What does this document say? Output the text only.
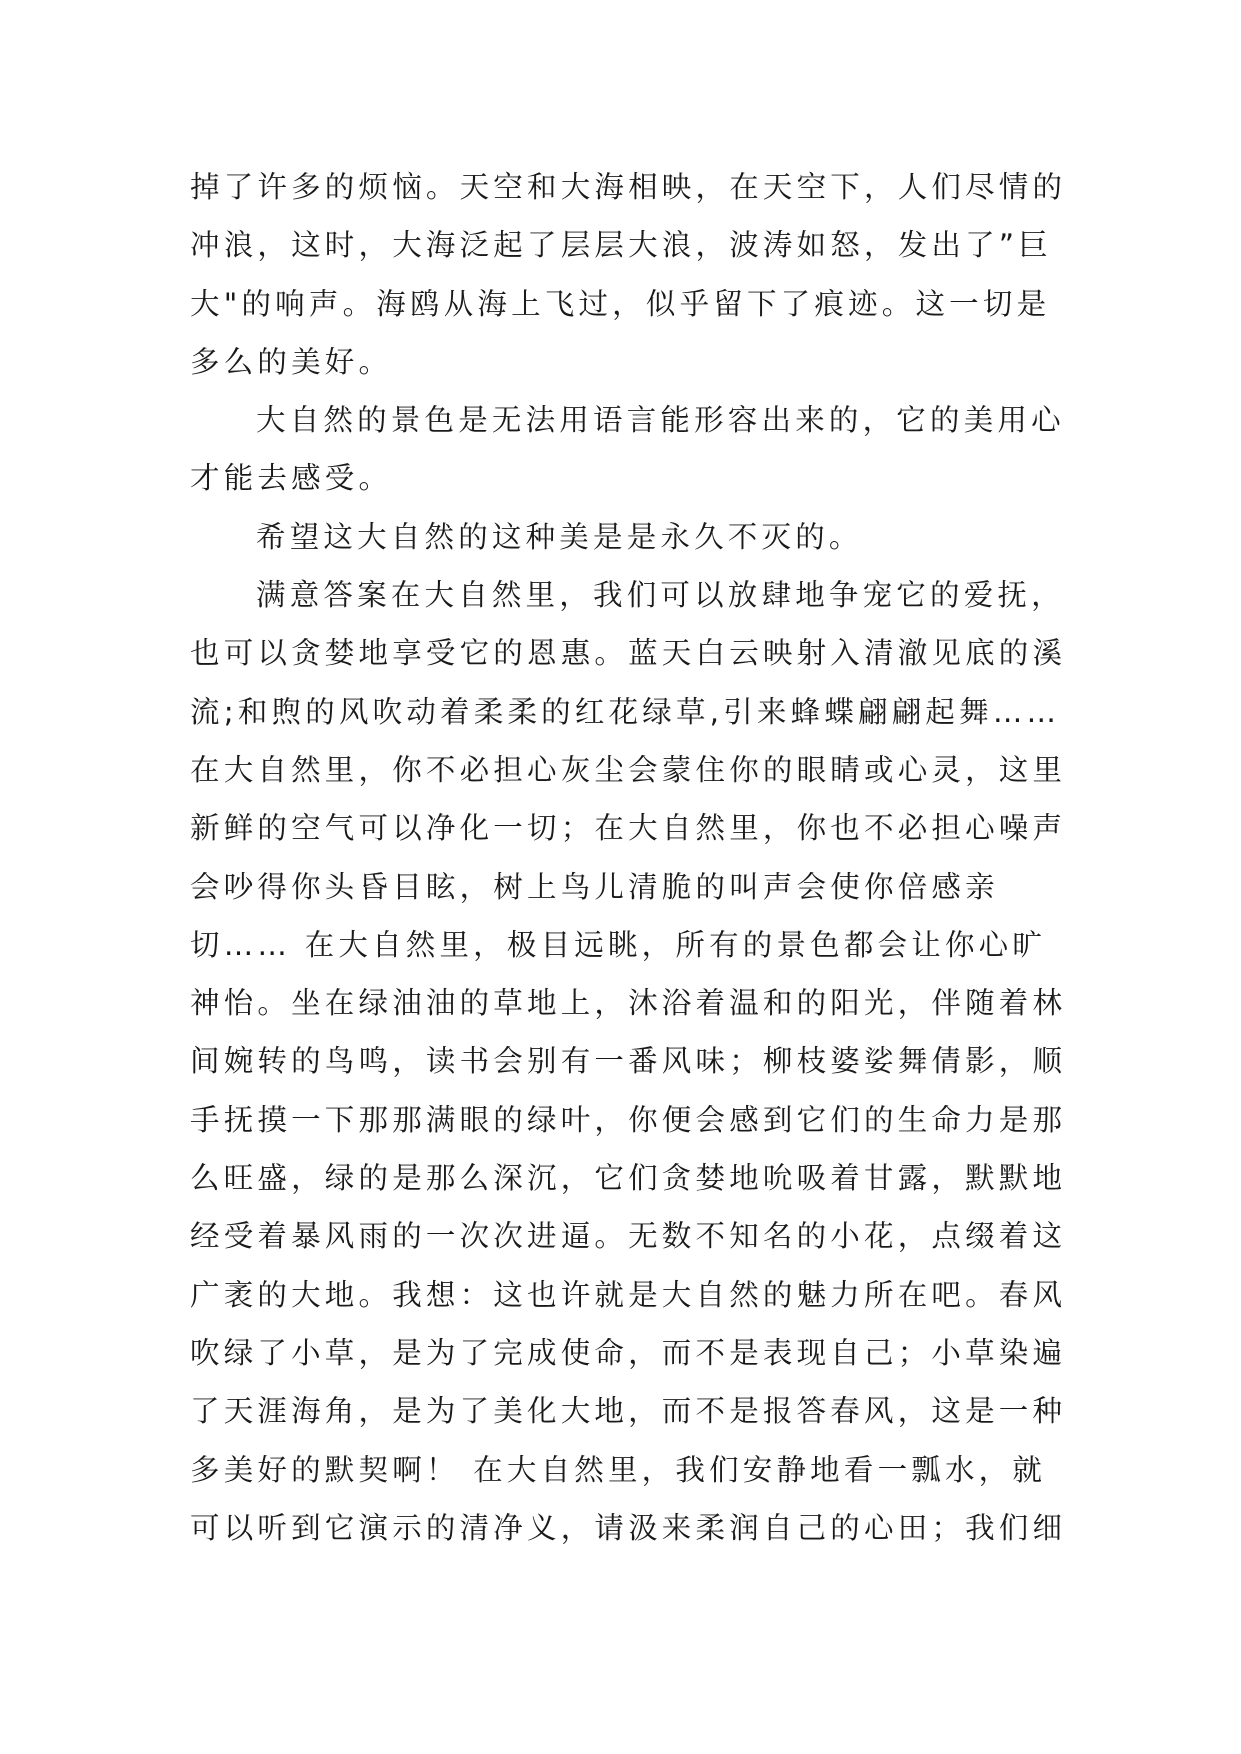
掉了许多的烦恼。天空和大海相映，在天空下，人们尽情的
冲浪，这时，大海泛起了层层大浪，波涛如怒，发出了”巨
大"的响声。海鸥从海上飞过，似乎留下了痕迹。这一切是
多么的美好。
大自然的景色是无法用语言能形容出来的，它的美用心
才能去感受。
希望这大自然的这种美是是永久不灭的。
满意答案在大自然里，我们可以放肆地争宠它的爱抚，
也可以贪婪地享受它的恩惠。蓝天白云映射入清澈见底的溪
流;和煦的风吹动着柔柔的红花绿草,引来蜂蝶翩翩起舞……
在大自然里，你不必担心灰尘会蒙住你的眼睛或心灵，这里
新鲜的空气可以净化一切；在大自然里，你也不必担心噪声
会吵得你头昏目眩，树上鸟儿清脆的叫声会使你倍感亲
切…… 在大自然里，极目远眺，所有的景色都会让你心旷
神怡。坐在绿油油的草地上，沐浴着温和的阳光，伴随着林
间婉转的鸟鸣，读书会别有一番风味；柳枝婆娑舞倩影，顺
手抚摸一下那那满眼的绿叶，你便会感到它们的生命力是那
么旺盛，绿的是那么深沉，它们贪婪地吮吸着甘露，默默地
经受着暴风雨的一次次进逼。无数不知名的小花，点缀着这
广袤的大地。我想：这也许就是大自然的魅力所在吧。春风
吹绿了小草，是为了完成使命，而不是表现自己；小草染遍
了天涯海角，是为了美化大地，而不是报答春风，这是一种
多美好的默契啊！ 在大自然里，我们安静地看一瓢水，就
可以听到它演示的清净义，请汲来柔润自己的心田；我们细
